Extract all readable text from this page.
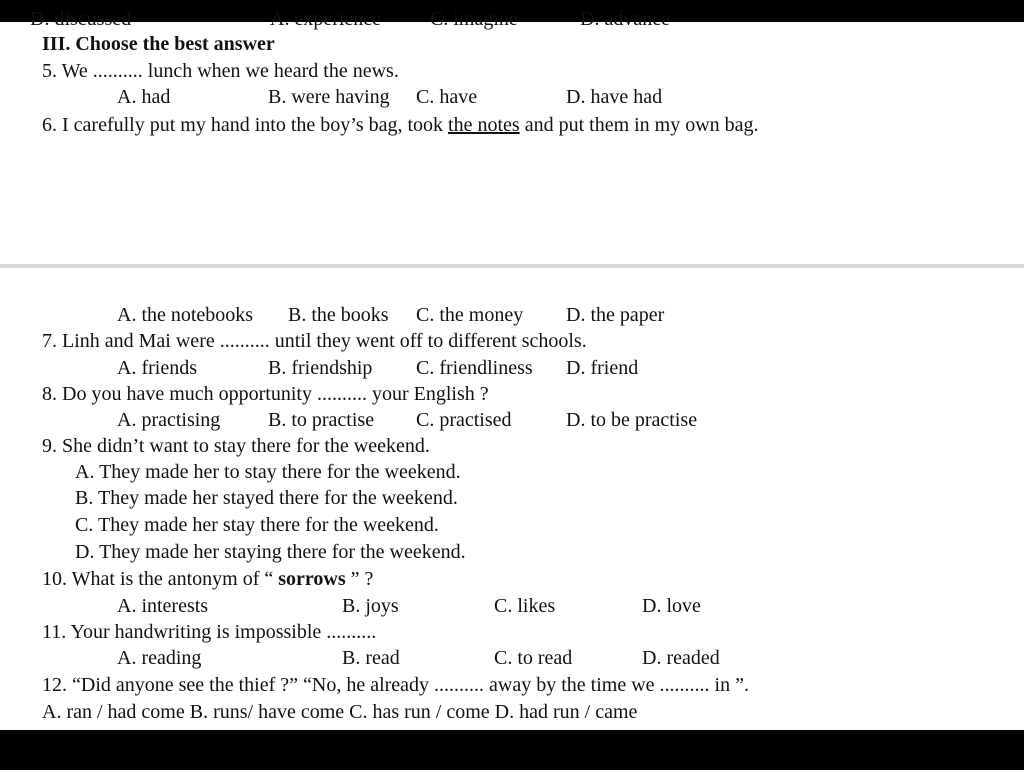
D. discussed	A. experience C. imagine	D. advance
III. Choose the best answer
5. We .......... lunch when we heard the news.
A. had	B. were having C. have	D. have had
6. I carefully put my hand into the boy’s bag, took the notes and put them in my own bag.
A. the notebooks B. the books C. the money D. the paper
7. Linh and Mai were .......... until they went off to different schools.
A. friends	B. friendship C. friendliness D. friend
8. Do you have much opportunity .......... your English ?
A. practising B. to practise C. practised	D. to be practise
9. She didn’t want to stay there for the weekend.
A. They made her to stay there for the weekend.
B. They made her stayed there for the weekend.
C. They made her stay there for the weekend.
D. They made her staying there for the weekend.
10. What is the antonym of “ sorrows ” ?
A. interests	B. joys	C. likes	D. love
11. Your handwriting is impossible ..........
A. reading	B. read	C. to read	D. readed
12. “Did anyone see the thief ?” “No, he already .......... away by the time we .......... in ”.
A. ran / had come B. runs/ have come C. has run / come D. had run / came
